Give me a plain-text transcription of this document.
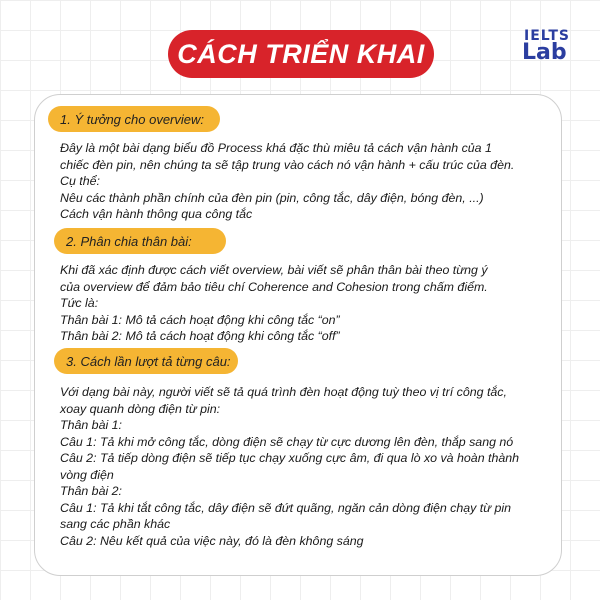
CÁCH TRIỂN KHAI
IELTS
Lab
1. Ý tưởng cho overview:
Đây là một bài dạng biểu đồ Process khá đặc thù miêu tả cách vận hành của 1
chiếc đèn pin, nên chúng ta sẽ tập trung vào cách nó vận hành + cấu trúc của đèn.
Cụ thể:
Nêu các thành phần chính của đèn pin (pin, công tắc, dây điện, bóng đèn, ...)
Cách vận hành thông qua công tắc
2. Phân chia thân bài:
Khi đã xác định được cách viết overview, bài viết sẽ phân thân bài theo từng ý
của overview để đảm bảo tiêu chí Coherence and Cohesion trong chấm điểm.
Tức là:
Thân bài 1: Mô tả cách hoạt động khi công tắc “on”
Thân bài 2: Mô tả cách hoạt động khi công tắc “off”
3. Cách lần lượt tả từng câu:
Với dạng bài này, người viết sẽ tả quá trình đèn hoạt động tuỳ theo vị trí công tắc,
xoay quanh dòng điện từ pin:
Thân bài 1:
Câu 1: Tả khi mở công tắc, dòng điện sẽ chạy từ cực dương lên đèn, thắp sang nó
Câu 2: Tả tiếp dòng điện sẽ tiếp tục chạy xuống cực âm, đi qua lò xo và hoàn thành
vòng điện
Thân bài 2:
Câu 1: Tả khi tắt công tắc, dây điện sẽ đứt quãng, ngăn cản dòng điện chạy từ pin
sang các phần khác
Câu 2: Nêu kết quả của việc này, đó là đèn không sáng
